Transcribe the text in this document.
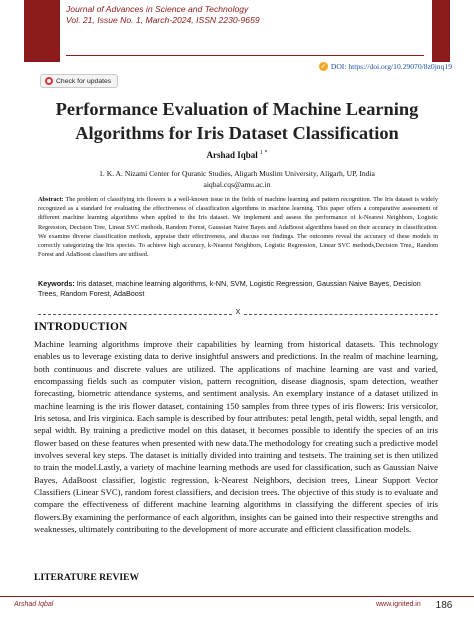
Journal of Advances in Science and Technology
Vol. 21, Issue No. 1, March-2024, ISSN 2230-9659
Check for updates
✓ DOI: https://doi.org/10.29070/8z0jnq19
Performance Evaluation of Machine Learning
Algorithms for Iris Dataset Classification
Arshad Iqbal $^{1 *}$
1. K. A. Nizami Center for Quranic Studies, Aligarh Muslim University, Aligarh, UP, India
aiqbal.cqs@amu.ac.in
Abstract: The problem of classifying iris flowers is a well-known issue in the fields of machine learning and pattern recognition. The Iris dataset is widely recognized as a standard for evaluating the effectiveness of classification algorithms in machine learning. This paper offers a comparative assessment of different machine learning algorithms when applied to the Iris dataset. We implement and assess the performance of k-Nearest Neighbors, Logistic Regression, Decision Tree, Linear SVC methods, Random Forest, Gaussian Naive Bayes and AdaBoost algorithms based on their accuracy in classification. We examine diverse classification methods, appraise their effectiveness, and discuss our findings. The outcomes reveal the accuracy of these models in correctly categorizing the Iris species. To achieve high accuracy, k-Nearest Neighbors, Logistic Regression, Linear SVC methods,Decision Tree,, Random Forest and AdaBoost classifiers are utilised.
Keywords: Iris dataset, machine learning algorithms, k-NN, SVM, Logistic Regression, Gaussian Naive Bayes, Decision Trees, Random Forest, AdaBoost
X
INTRODUCTION
Machine learning algorithms improve their capabilities by learning from historical datasets. This technology enables us to leverage existing data to derive insightful answers and predictions. In the realm of machine learning, both continuous and discrete values are utilized. The applications of machine learning are vast and varied, encompassing fields such as computer vision, pattern recognition, disease diagnosis, spam detection, weather forecasting, biometric attendance systems, and sentiment analysis. An exemplary instance of a dataset utilized in machine learning is the iris flower dataset, containing 150 samples from three types of iris flowers: Iris versicolor, Iris setosa, and Iris virginica. Each sample is described by four attributes: petal length, petal width, sepal length, and sepal width. By training a predictive model on this dataset, it becomes possible to identify the species of an iris flower based on these features when presented with new data.The methodology for creating such a predictive model involves several key steps. The dataset is initially divided into training and testsets. The training set is then utilized to train the model.Lastly, a variety of machine learning methods are used for classification, such as Gaussian Naive Bayes, AdaBoost classifier, logistic regression, k-Nearest Neighbors, decision trees, Linear Support Vector Classifiers (Linear SVC), random forest classifiers, and decision trees. The objective of this study is to evaluate and compare the effectiveness of different machine learning algorithms in classifying the different species of iris flowers.By examining the performance of each algorithm, insights can be gained into their respective strengths and weaknesses, ultimately contributing to the development of more accurate and efficient classification models.
LITERATURE REVIEW
Arshad Iqbal	www.ignited.in	186
